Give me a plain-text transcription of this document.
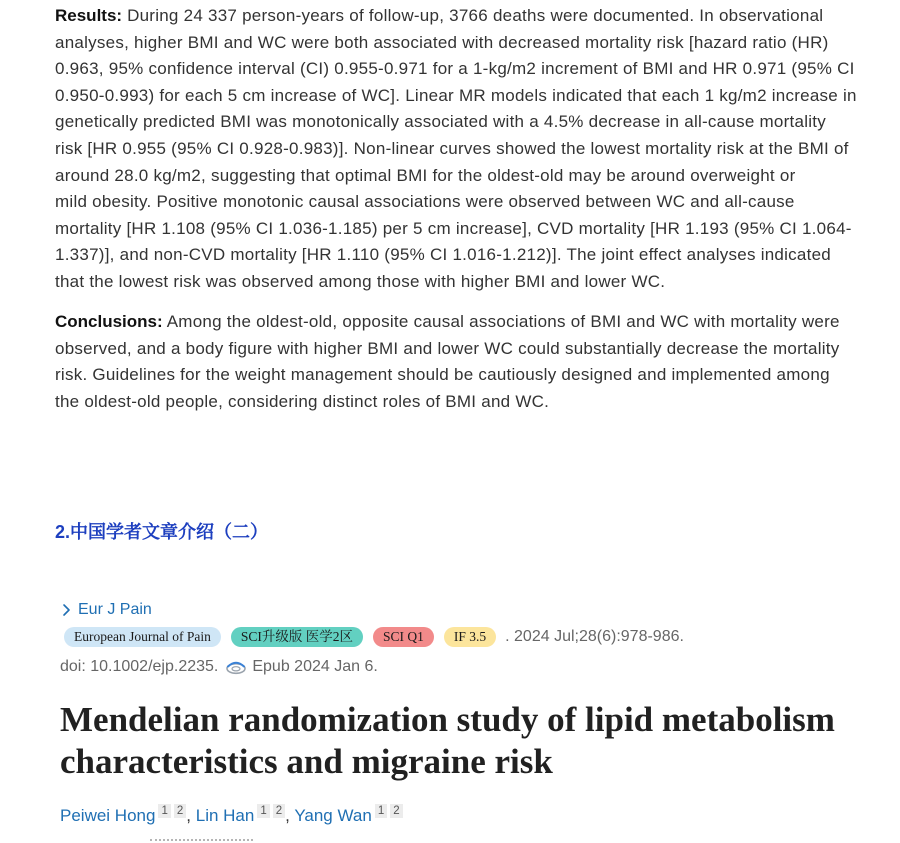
Results: During 24 337 person-years of follow-up, 3766 deaths were documented. In observational
analyses, higher BMI and WC were both associated with decreased mortality risk [hazard ratio (HR)
0.963, 95% confidence interval (CI) 0.955-0.971 for a 1-kg/m2 increment of BMI and HR 0.971 (95% CI
0.950-0.993) for each 5 cm increase of WC]. Linear MR models indicated that each 1 kg/m2 increase in
genetically predicted BMI was monotonically associated with a 4.5% decrease in all-cause mortality
risk [HR 0.955 (95% CI 0.928-0.983)]. Non-linear curves showed the lowest mortality risk at the BMI of
around 28.0 kg/m2, suggesting that optimal BMI for the oldest-old may be around overweight or
mild obesity. Positive monotonic causal associations were observed between WC and all-cause
mortality [HR 1.108 (95% CI 1.036-1.185) per 5 cm increase], CVD mortality [HR 1.193 (95% CI 1.064-
1.337)], and non-CVD mortality [HR 1.110 (95% CI 1.016-1.212)]. The joint effect analyses indicated
that the lowest risk was observed among those with higher BMI and lower WC.
Conclusions: Among the oldest-old, opposite causal associations of BMI and WC with mortality were
observed, and a body figure with higher BMI and lower WC could substantially decrease the mortality
risk. Guidelines for the weight management should be cautiously designed and implemented among
the oldest-old people, considering distinct roles of BMI and WC.
2.中国学者文章介绍（二）
Eur J Pain
European Journal of Pain	SCI升级版 医学2区	SCI Q1	IF 3.5	. 2024 Jul;28(6):978-986.
doi: 10.1002/ejp.2235. Epub 2024 Jan 6.
Mendelian randomization study of lipid metabolism
characteristics and migraine risk
Peiwei Hong 1 2 , Lin Han 1 2 , Yang Wan 1 2
